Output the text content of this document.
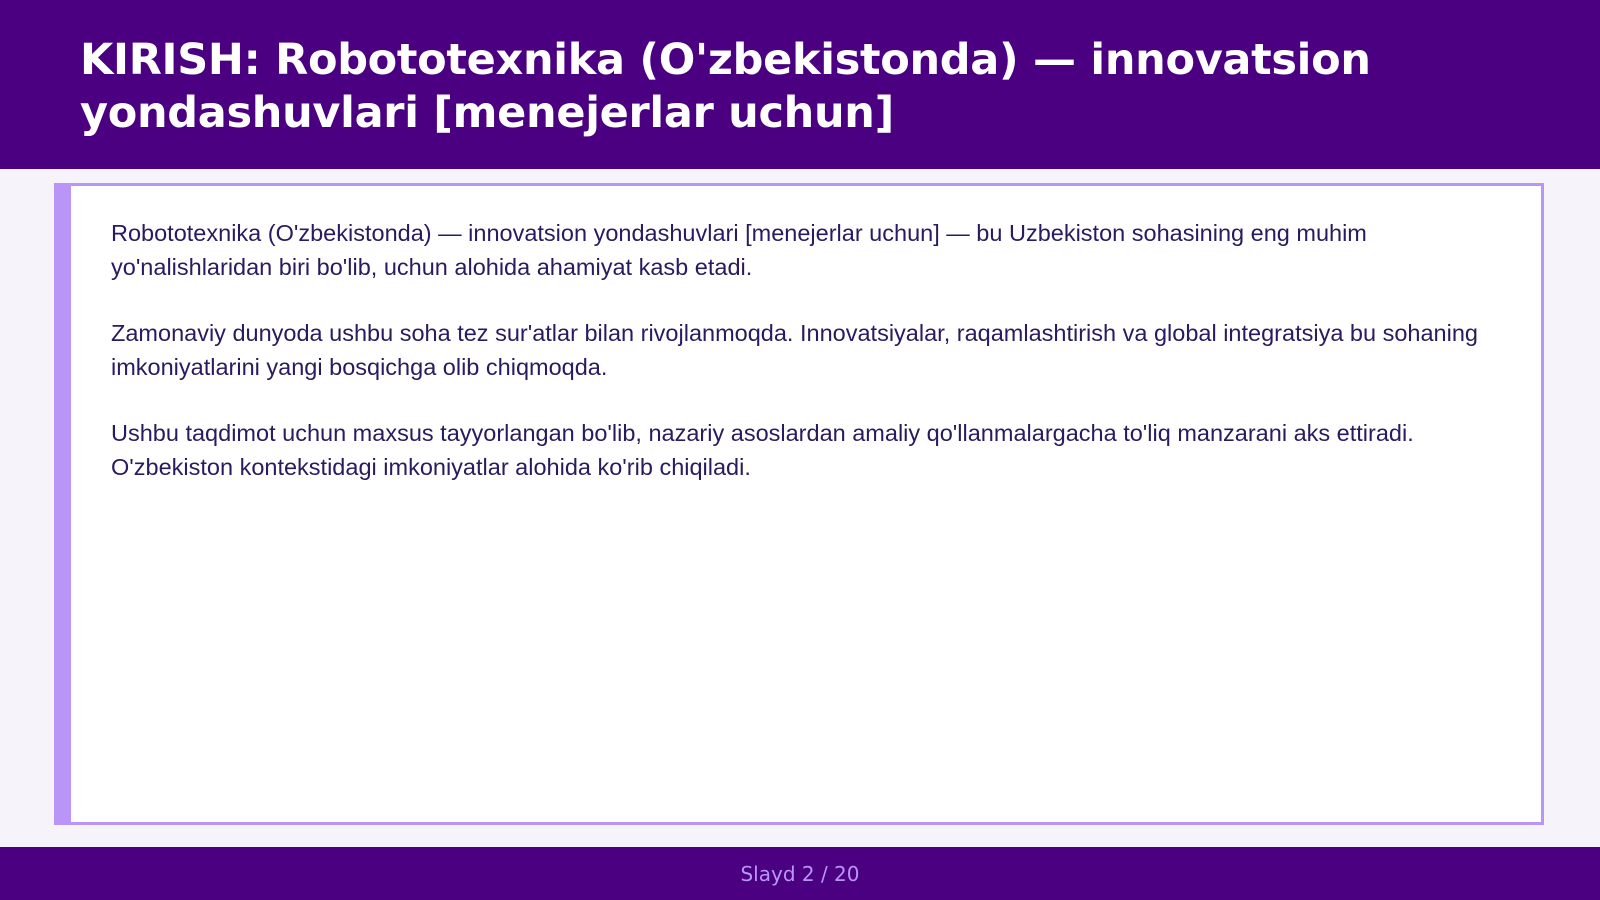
KIRISH: Robototexnika (O'zbekistonda) — innovatsion yondashuvlari [menejerlar uchun]

Robototexnika (O'zbekistonda) — innovatsion yondashuvlari [menejerlar uchun] — bu Uzbekiston sohasining eng muhim yo'nalishlaridan biri bo'lib, uchun alohida ahamiyat kasb etadi.

Zamonaviy dunyoda ushbu soha tez sur'atlar bilan rivojlanmoqda. Innovatsiyalar, raqamlashtirish va global integratsiya bu sohaning imkoniyatlarini yangi bosqichga olib chiqmoqda.

Ushbu taqdimot uchun maxsus tayyorlangan bo'lib, nazariy asoslardan amaliy qo'llanmalargacha to'liq manzarani aks ettiradi. O'zbekiston kontekstidagi imkoniyatlar alohida ko'rib chiqiladi.

Slayd 2 / 20
